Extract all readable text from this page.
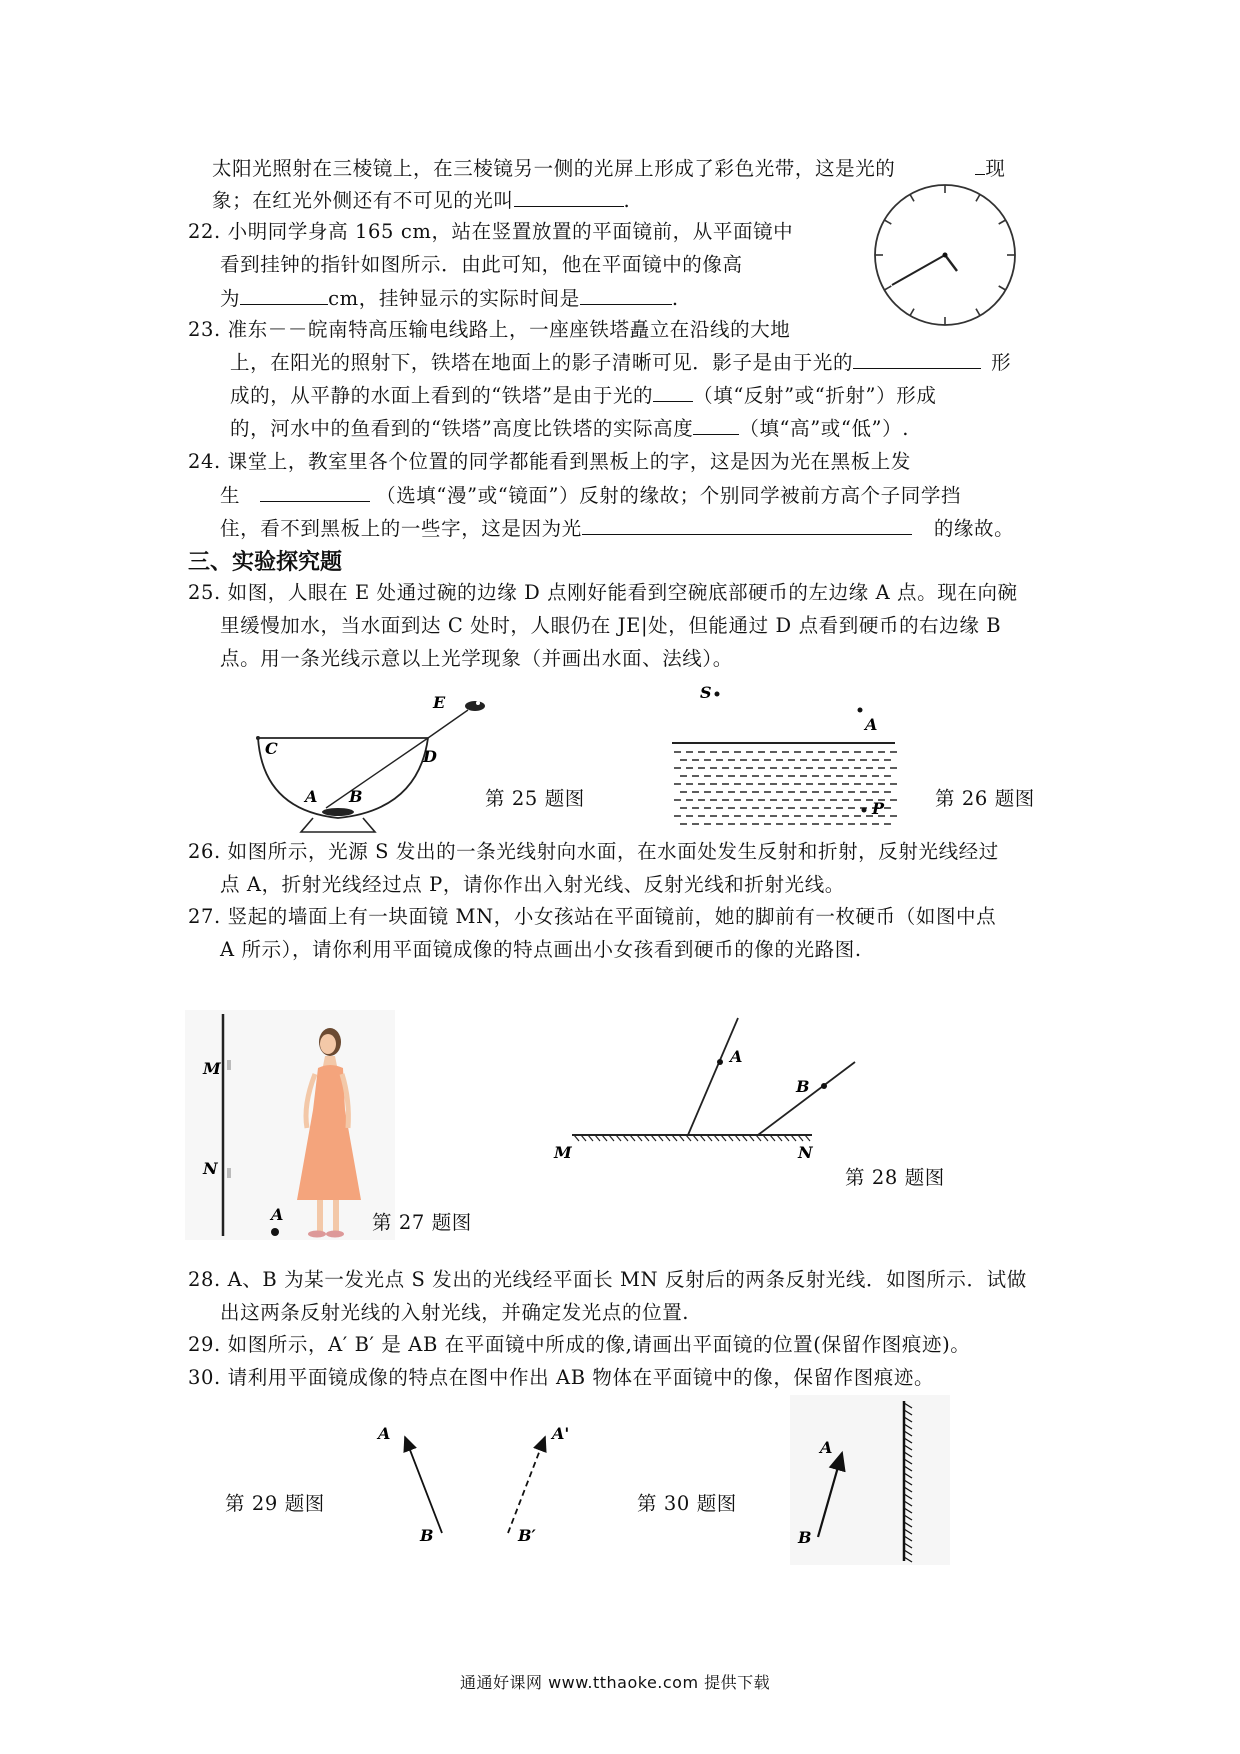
太阳光照射在三棱镜上，在三棱镜另一侧的光屏上形成了彩色光带，这是光的	现
象；在红光外侧还有不可见的光叫	.
22. 小明同学身高 165 cm，站在竖置放置的平面镜前，从平面镜中
看到挂钟的指针如图所示．由此可知，他在平面镜中的像高
为	cm，挂钟显示的实际时间是	.
23. 准东－－皖南特高压输电线路上，一座座铁塔矗立在沿线的大地
上，在阳光的照射下，铁塔在地面上的影子清晰可见．影子是由于光的	形
成的，从平静的水面上看到的“铁塔”是由于光的 （填“反射”或“折射”）形成
的，河水中的鱼看到的“铁塔”高度比铁塔的实际高度 （填“高”或“低”）.
24. 课堂上，教室里各个位置的同学都能看到黑板上的字，这是因为光在黑板上发
生	（选填“漫”或“镜面”）反射的缘故；个别同学被前方高个子同学挡
住，看不到黑板上的一些字，这是因为光	的缘故。
三、实验探究题
25. 如图，人眼在 E 处通过碗的边缘 D 点刚好能看到空碗底部硬币的左边缘 A 点。现在向碗
里缓慢加水，当水面到达 C 处时，人眼仍在 JE|处，但能通过 D 点看到硬币的右边缘 B
点。用一条光线示意以上光学现象（并画出水面、法线）。
E
C	D
A B	第 25 题图
S
A
P	第 26 题图
26. 如图所示，光源 S 发出的一条光线射向水面，在水面处发生反射和折射，反射光线经过
点 A，折射光线经过点 P，请你作出入射光线、反射光线和折射光线。
27. 竖起的墙面上有一块面镜 MN，小女孩站在平面镜前，她的脚前有一枚硬币（如图中点
A 所示），请你利用平面镜成像的特点画出小女孩看到硬币的像的光路图.
M
N
A	第 27 题图
A
B
M	N
第 28 题图
28. A、B 为某一发光点 S 发出的光线经平面长 MN 反射后的两条反射光线．如图所示．试做
出这两条反射光线的入射光线，并确定发光点的位置.
29. 如图所示，A′ B′ 是 AB 在平面镜中所成的像,请画出平面镜的位置(保留作图痕迹)。
30. 请利用平面镜成像的特点在图中作出 AB 物体在平面镜中的像，保留作图痕迹。
第 29 题图
A
B
A'
B′
第 30 题图
A
B
通通好课网 www.tthaoke.com 提供下载
